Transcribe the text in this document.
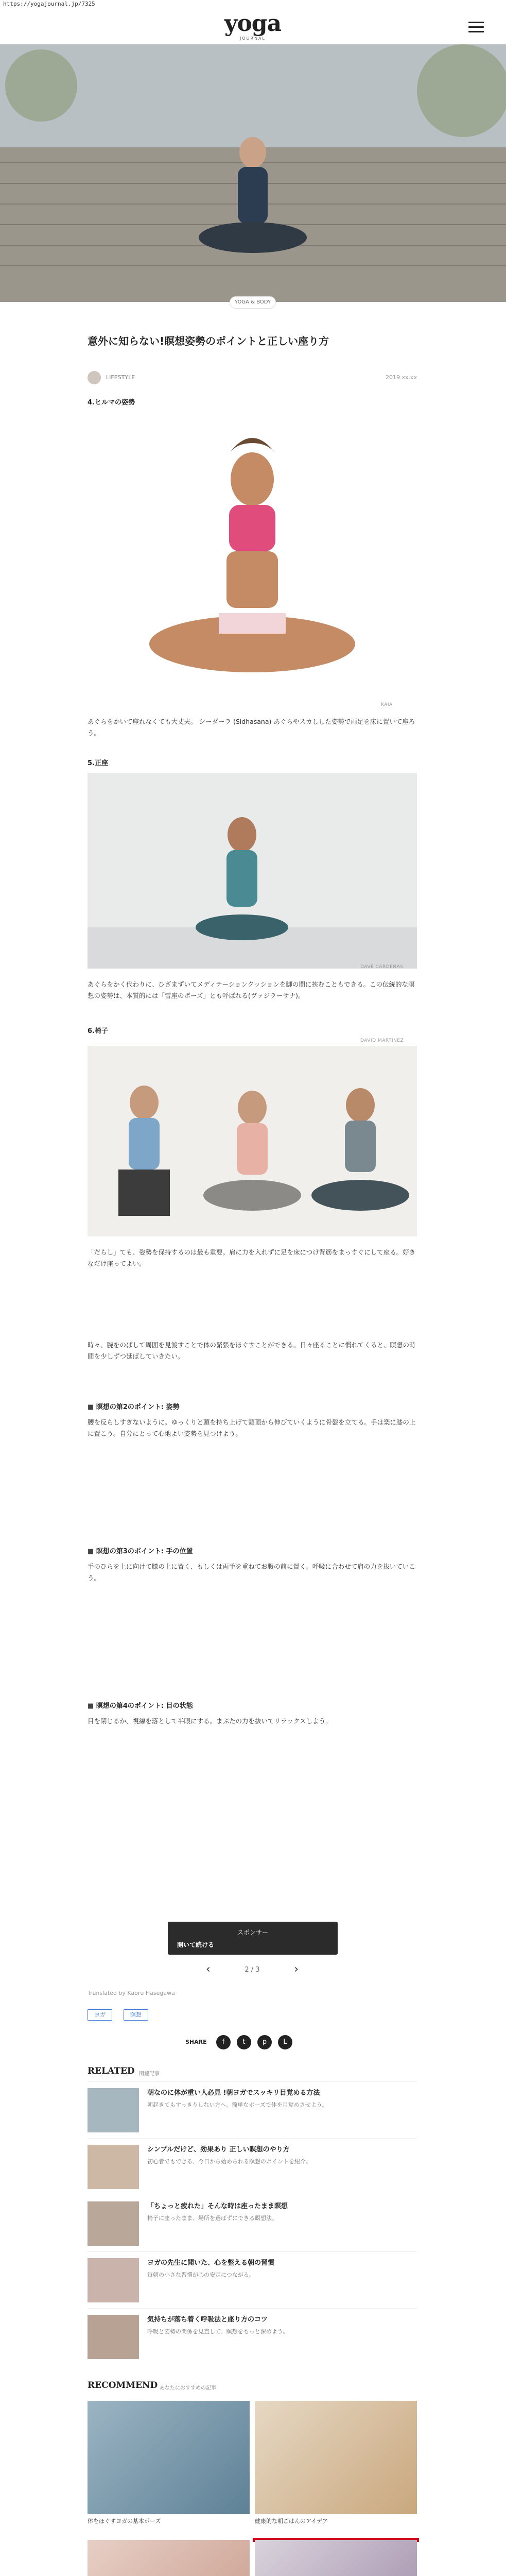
https://yogajournal.jp/7325
yoga
JOURNAL
YOGA & BODY
意外に知らない!瞑想姿勢のポイントと正しい座り方
LIFESTYLE	2019.xx.xx
4.ヒルマの姿勢
KAIA

あぐらをかいて座れなくても大丈夫。 シーダーラ (Sidhasana) あぐらやスカしした姿勢で両足を床に置いて座ろう。

5.正座
DAVE CARDENAS

あぐらをかく代わりに、ひざまずいてメディテーションクッションを脚の間に挟むこともできる。この伝統的な瞑想の姿勢は、本質的には「雷座のポーズ」とも呼ばれる(ヴァジラーサナ)。

6.椅子
DAVID MARTINEZ

「だらし」ても、姿勢を保持するのは最も重要。肩に力を入れずに足を床につけ背筋をまっすぐにして座る。好きなだけ座ってよい。

時々、腕をのばして周囲を見渡すことで体の緊張をほぐすことができる。日々座ることに慣れてくると、瞑想の時間を少しずつ延ばしていきたい。

■ 瞑想の第2のポイント: 姿勢

腰を反らしすぎないように。ゆっくりと頭を持ち上げて頭頂から伸びていくように骨盤を立てる。手は楽に膝の上に置こう。自分にとって心地よい姿勢を見つけよう。

■ 瞑想の第3のポイント: 手の位置

手のひらを上に向けて膝の上に置く、もしくは両手を重ねてお腹の前に置く。呼吸に合わせて肩の力を抜いていこう。

■ 瞑想の第4のポイント: 目の状態

目を閉じるか、視線を落として半眼にする。まぶたの力を抜いてリラックスしよう。

スポンサー
開いて続ける
‹	2 / 3	›
Translated by Kaoru Hasegawa
ヨガ	瞑想
SHARE	f	t	p	L
RELATED 関連記事
朝なのに体が重い人必見 !朝ヨガでスッキリ目覚める方法
朝起きてもすっきりしない方へ。簡単なポーズで体を目覚めさせよう。
シンプルだけど、効果あり 正しい瞑想のやり方
初心者でもできる、今日から始められる瞑想のポイントを紹介。
「ちょっと疲れた」そんな時は座ったまま瞑想
椅子に座ったまま、場所を選ばずにできる瞑想法。
ヨガの先生に聞いた、心を整える朝の習慣
毎朝の小さな習慣が心の安定につながる。
気持ちが落ち着く呼吸法と座り方のコツ
呼吸と姿勢の関係を見直して、瞑想をもっと深めよう。
RECOMMEND あなたにおすすめの記事
体をほぐすヨガの基本ポーズ	健康的な朝ごはんのアイデア
